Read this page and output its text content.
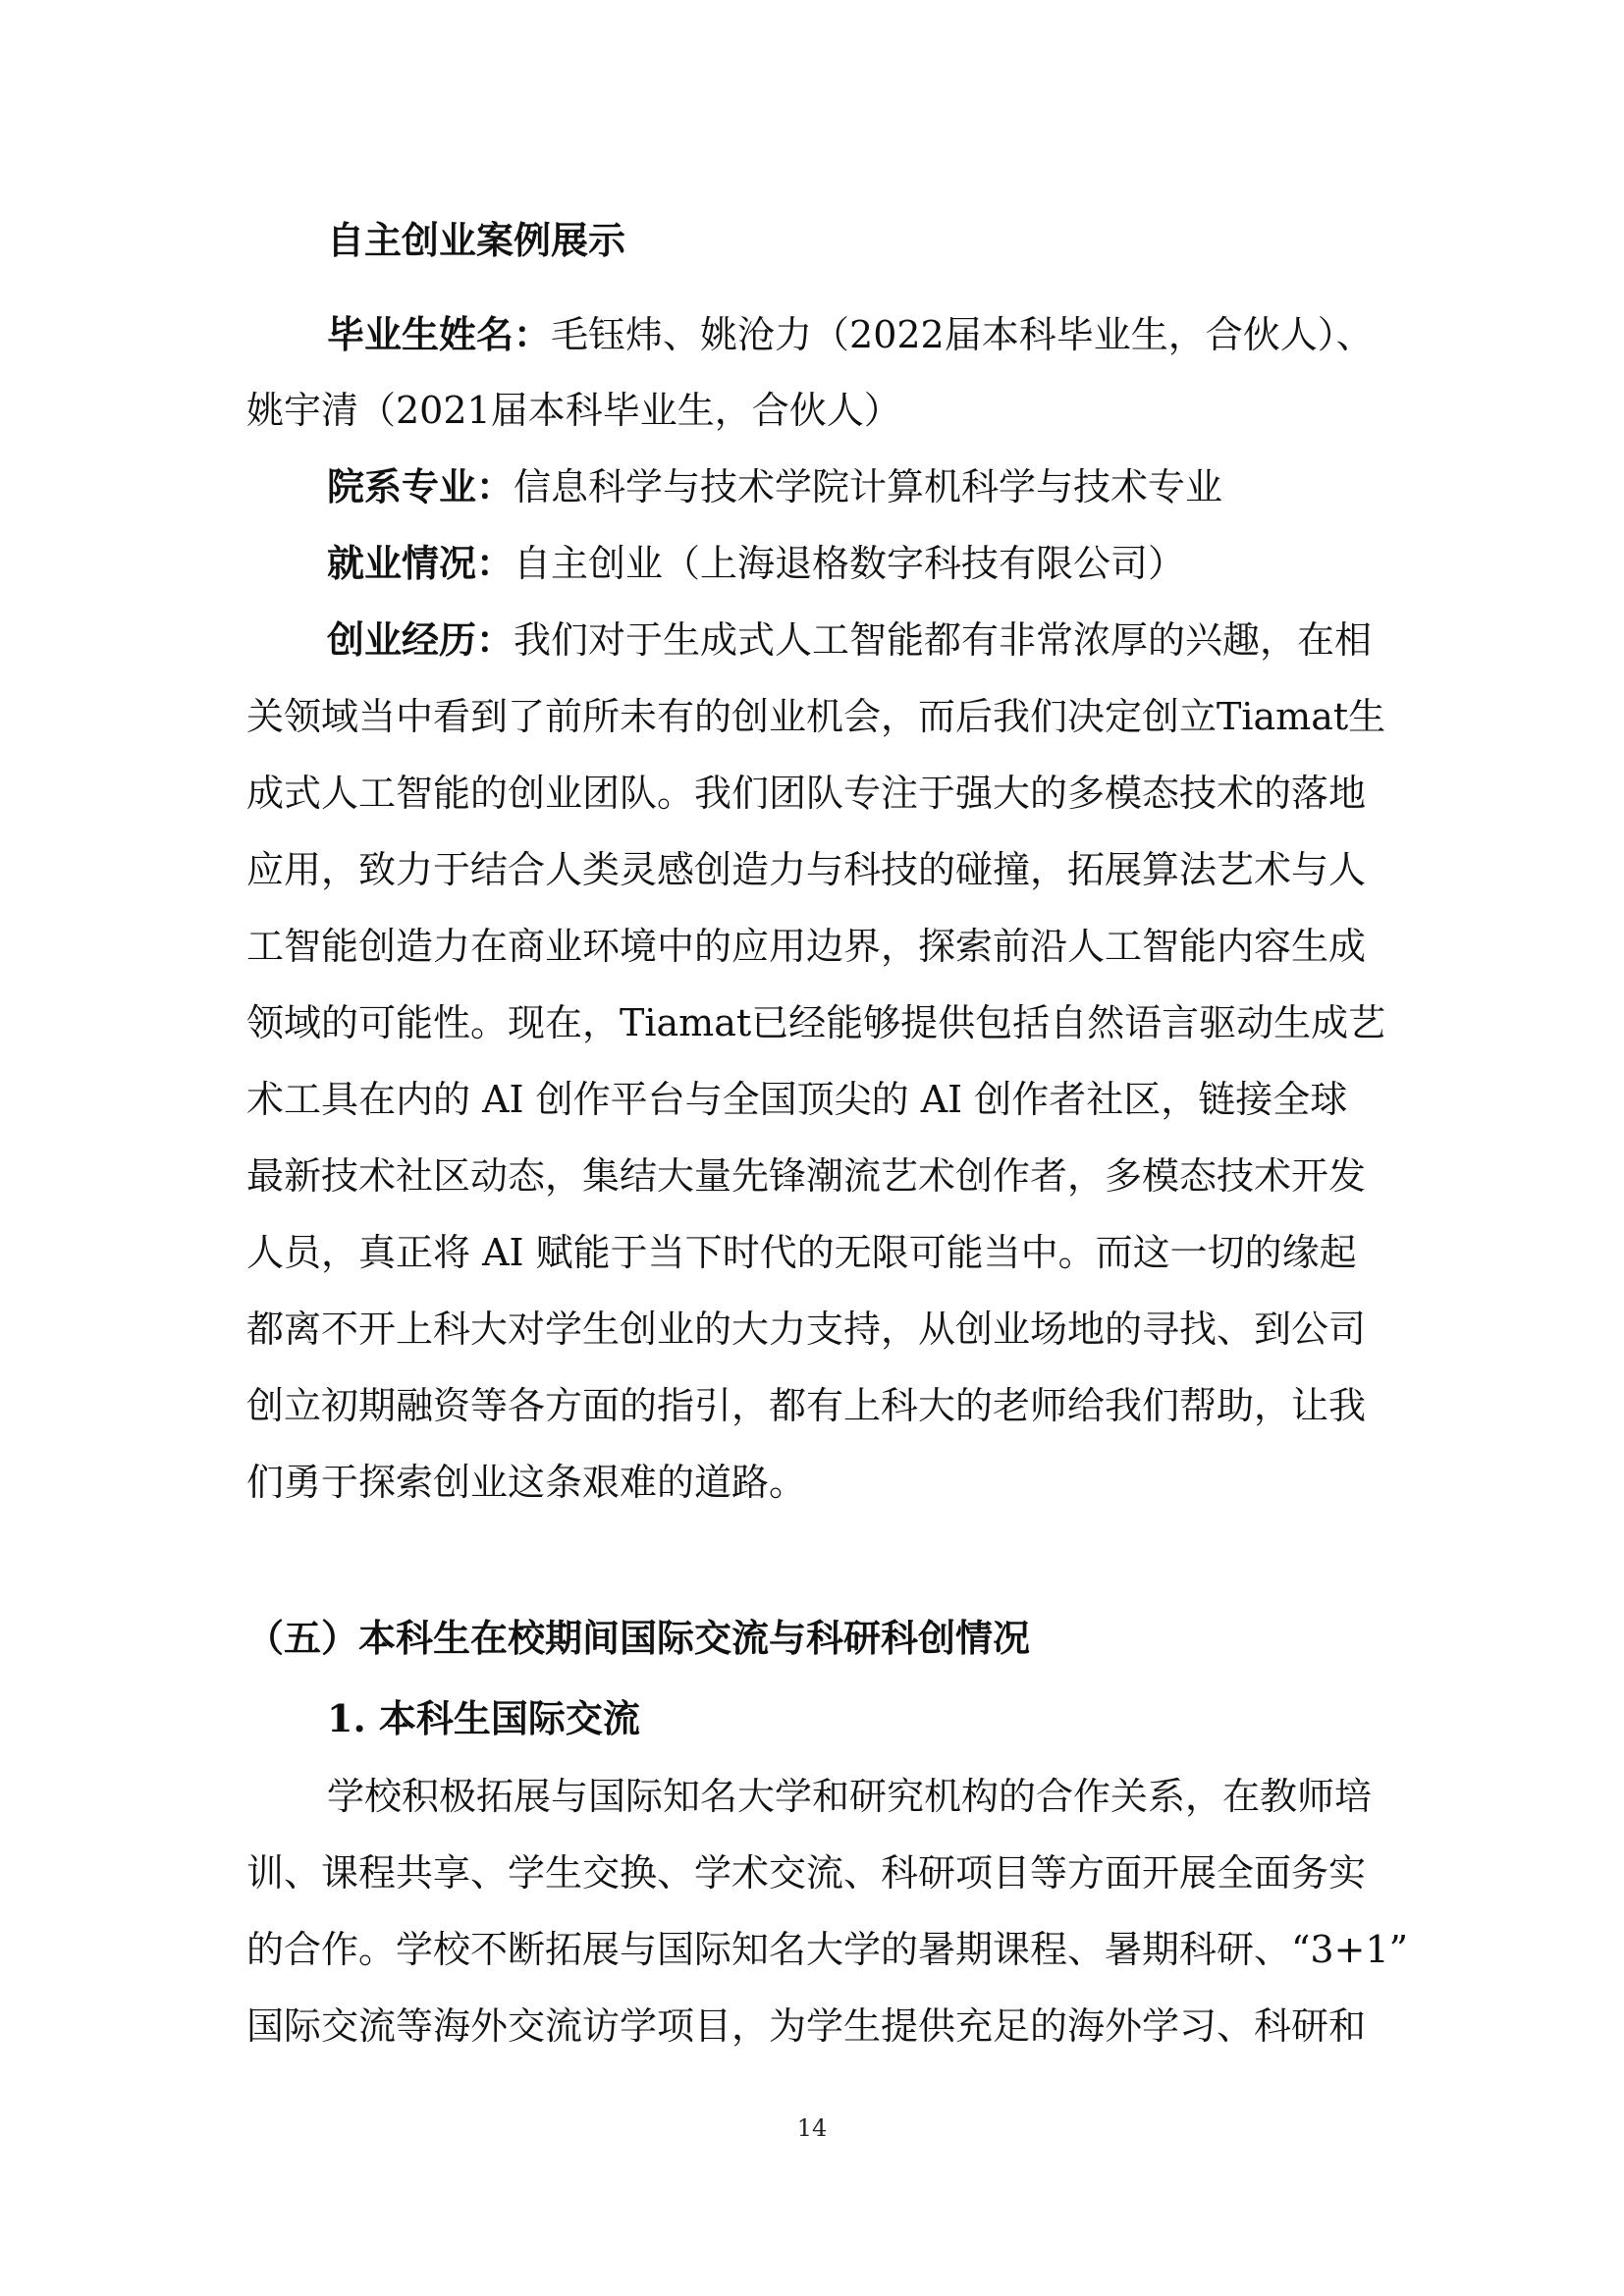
自主创业案例展示
毕业生姓名：毛钰炜、姚沧力（2022届本科毕业生，合伙人）、
姚宇清（2021届本科毕业生，合伙人）
院系专业：信息科学与技术学院计算机科学与技术专业
就业情况：自主创业（上海退格数字科技有限公司）
创业经历：我们对于生成式人工智能都有非常浓厚的兴趣，在相
关领域当中看到了前所未有的创业机会，而后我们决定创立Tiamat生
成式人工智能的创业团队。我们团队专注于强大的多模态技术的落地
应用，致力于结合人类灵感创造力与科技的碰撞，拓展算法艺术与人
工智能创造力在商业环境中的应用边界，探索前沿人工智能内容生成
领域的可能性。现在，Tiamat已经能够提供包括自然语言驱动生成艺
术工具在内的 AI 创作平台与全国顶尖的 AI 创作者社区，链接全球
最新技术社区动态，集结大量先锋潮流艺术创作者，多模态技术开发
人员，真正将 AI 赋能于当下时代的无限可能当中。而这一切的缘起
都离不开上科大对学生创业的大力支持，从创业场地的寻找、到公司
创立初期融资等各方面的指引，都有上科大的老师给我们帮助，让我
们勇于探索创业这条艰难的道路。
（五）本科生在校期间国际交流与科研科创情况
1. 本科生国际交流
学校积极拓展与国际知名大学和研究机构的合作关系，在教师培
训、课程共享、学生交换、学术交流、科研项目等方面开展全面务实
的合作。学校不断拓展与国际知名大学的暑期课程、暑期科研、“3+1”
国际交流等海外交流访学项目，为学生提供充足的海外学习、科研和
14
